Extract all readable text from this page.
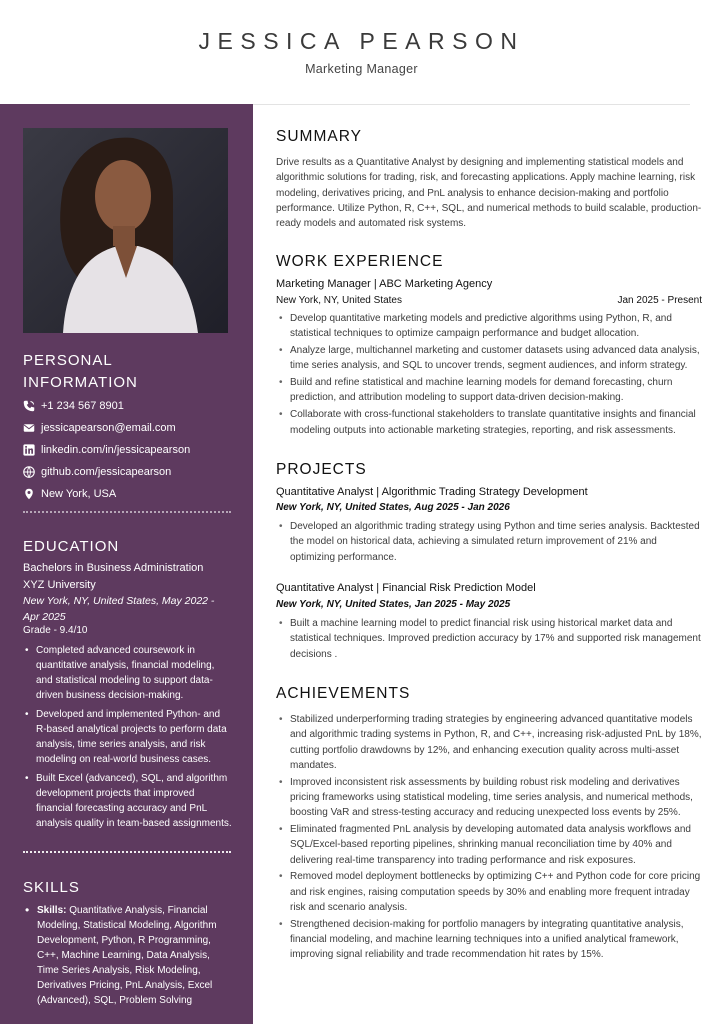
JESSICA PEARSON
Marketing Manager
PERSONAL INFORMATION
+1 234 567 8901
jessicapearson@email.com
linkedin.com/in/jessicapearson
github.com/jessicapearson
New York, USA
EDUCATION
Bachelors in Business Administration
XYZ University
New York, NY, United States, May 2022 - Apr 2025
Grade - 9.4/10
• Completed advanced coursework in quantitative analysis, financial modeling, and statistical modeling to support data-driven business decision-making.
• Developed and implemented Python- and R-based analytical projects to perform data analysis, time series analysis, and risk modeling on real-world business cases.
• Built Excel (advanced), SQL, and algorithm development projects that improved financial forecasting accuracy and PnL analysis quality in team-based assignments.
SKILLS
• Skills: Quantitative Analysis, Financial Modeling, Statistical Modeling, Algorithm Development, Python, R Programming, C++, Machine Learning, Data Analysis, Time Series Analysis, Risk Modeling, Derivatives Pricing, PnL Analysis, Excel (Advanced), SQL, Problem Solving
SUMMARY
Drive results as a Quantitative Analyst by designing and implementing statistical models and algorithmic solutions for trading, risk, and forecasting applications. Apply machine learning, risk modeling, derivatives pricing, and PnL analysis to enhance decision-making and portfolio performance. Utilize Python, R, C++, SQL, and numerical methods to build scalable, production-ready models and automated risk systems.
WORK EXPERIENCE
Marketing Manager | ABC Marketing Agency
New York, NY, United States	Jan 2025 - Present
• Develop quantitative marketing models and predictive algorithms using Python, R, and statistical techniques to optimize campaign performance and budget allocation.
• Analyze large, multichannel marketing and customer datasets using advanced data analysis, time series analysis, and SQL to uncover trends, segment audiences, and inform strategy.
• Build and refine statistical and machine learning models for demand forecasting, churn prediction, and attribution modeling to support data-driven decision-making.
• Collaborate with cross-functional stakeholders to translate quantitative insights and financial modeling outputs into actionable marketing strategies, reporting, and risk assessments.
PROJECTS
Quantitative Analyst | Algorithmic Trading Strategy Development
New York, NY, United States, Aug 2025 - Jan 2026
• Developed an algorithmic trading strategy using Python and time series analysis. Backtested the model on historical data, achieving a simulated return improvement of 21% and optimizing performance.
Quantitative Analyst | Financial Risk Prediction Model
New York, NY, United States, Jan 2025 - May 2025
• Built a machine learning model to predict financial risk using historical market data and statistical techniques. Improved prediction accuracy by 17% and supported risk management decisions .
ACHIEVEMENTS
• Stabilized underperforming trading strategies by engineering advanced quantitative models and algorithmic trading systems in Python, R, and C++, increasing risk-adjusted PnL by 18%, cutting portfolio drawdowns by 12%, and enhancing execution quality across multi-asset mandates.
• Improved inconsistent risk assessments by building robust risk modeling and derivatives pricing frameworks using statistical modeling, time series analysis, and numerical methods, boosting VaR and stress-testing accuracy and reducing unexpected loss events by 25%.
• Eliminated fragmented PnL analysis by developing automated data analysis workflows and SQL/Excel-based reporting pipelines, shrinking manual reconciliation time by 40% and delivering real-time transparency into trading performance and risk exposures.
• Removed model deployment bottlenecks by optimizing C++ and Python code for core pricing and risk engines, raising computation speeds by 30% and enabling more frequent intraday risk and scenario analysis.
• Strengthened decision-making for portfolio managers by integrating quantitative analysis, financial modeling, and machine learning techniques into a unified analytical framework, improving signal reliability and trade recommendation hit rates by 15%.
